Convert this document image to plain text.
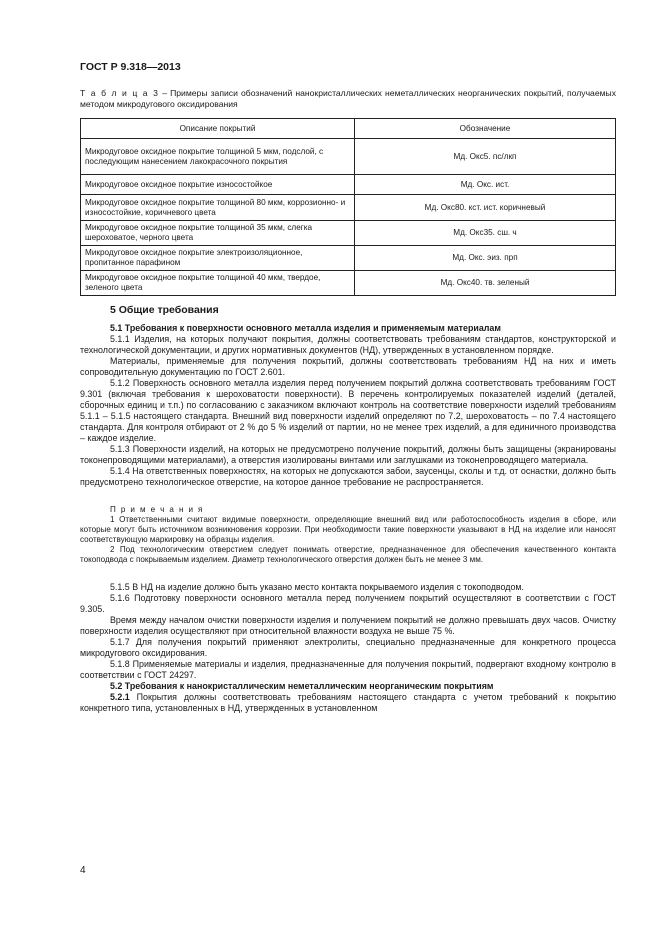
ГОСТ Р 9.318—2013
Т а б л и ц а 3 – Примеры записи обозначений нанокристаллических неметаллических неорганических покрытий, получаемых методом микродугового оксидирования
Описание покрытий	Обозначение
Микродуговое оксидное покрытие толщиной 5 мкм, подслой, с последующим нанесением лакокрасочного покрытия	Мд. Окс5. пс/лкп
Микродуговое оксидное покрытие износостойкое	Мд. Окс. ист.
Микродуговое оксидное покрытие толщиной 80 мкм, коррозионно- и износостойкие, коричневого цвета	Мд. Окс80. кст. ист. коричневый
Микродуговое оксидное покрытие толщиной 35 мкм, слегка шероховатое, черного цвета	Мд. Окс35. сш. ч
Микродуговое оксидное покрытие электроизоляционное, пропитанное парафином	Мд. Окс. эиз. прп
Микродуговое оксидное покрытие толщиной 40 мкм, твердое, зеленого цвета	Мд. Окс40. тв. зеленый
5 Общие требования

5.1 Требования к поверхности основного металла изделия и применяемым материалам

5.1.1 Изделия, на которых получают покрытия, должны соответствовать требованиям стандартов, конструкторской и технологической документации, и других нормативных документов (НД), утвержденных в установленном порядке.

Материалы, применяемые для получения покрытий, должны соответствовать требованиям НД на них и иметь сопроводительную документацию по ГОСТ 2.601.

5.1.2 Поверхность основного металла изделия перед получением покрытий должна соответствовать требованиям ГОСТ 9.301 (включая требования к шероховатости поверхности). В перечень контролируемых показателей изделий (деталей, сборочных единиц и т.п.) по согласованию с заказчиком включают контроль на соответствие поверхности изделий требованиям 5.1.1 – 5.1.5 настоящего стандарта. Внешний вид поверхности изделий определяют по 7.2, шероховатость – по 7.4 настоящего стандарта. Для контроля отбирают от 2 % до 5 % изделий от партии, но не менее трех изделий, а для единичного производства – каждое изделие.

5.1.3 Поверхности изделий, на которых не предусмотрено получение покрытий, должны быть защищены (экранированы токонепроводящими материалами), а отверстия изолированы винтами или заглушками из токонепроводящего материала.

5.1.4 На ответственных поверхностях, на которых не допускаются забои, заусенцы, сколы и т.д. от оснастки, должно быть предусмотрено технологическое отверстие, на которое данное требование не распространяется.

П р и м е ч а н и я

1 Ответственными считают видимые поверхности, определяющие внешний вид или работоспособность изделия в сборе, или которые могут быть источником возникновения коррозии. При необходимости такие поверхности указывают в НД на изделие или наносят соответствующую маркировку на образцы изделия.

2 Под технологическим отверстием следует понимать отверстие, предназначенное для обеспечения качественного контакта токоподвода с покрываемым изделием. Диаметр технологического отверстия должен быть не менее 3 мм.

5.1.5 В НД на изделие должно быть указано место контакта покрываемого изделия с токоподводом.

5.1.6 Подготовку поверхности основного металла перед получением покрытий осуществляют в соответствии с ГОСТ 9.305.

Время между началом очистки поверхности изделия и получением покрытий не должно превышать двух часов. Очистку поверхности изделия осуществляют при относительной влажности воздуха не выше 75 %.

5.1.7 Для получения покрытий применяют электролиты, специально предназначенные для конкретного процесса микродугового оксидирования.

5.1.8 Применяемые материалы и изделия, предназначенные для получения покрытий, подвергают входному контролю в соответствии с ГОСТ 24297.

5.2 Требования к нанокристаллическим неметаллическим неорганическим покрытиям

5.2.1 Покрытия должны соответствовать требованиям настоящего стандарта с учетом требований к покрытию конкретного типа, установленных в НД, утвержденных в установленном

4
